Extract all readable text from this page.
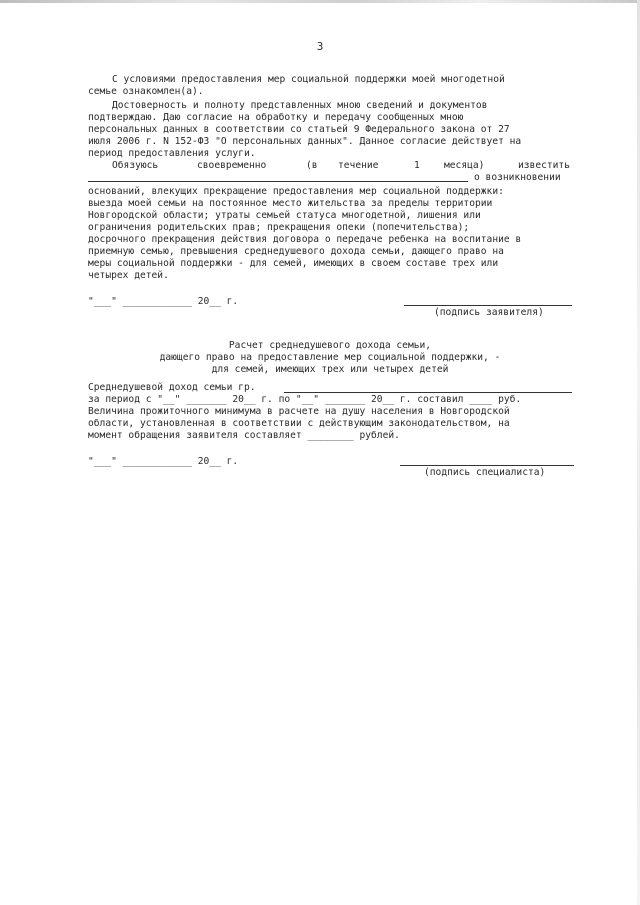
3
С условиями предоставления мер социальной поддержки моей многодетной
семье ознакомлен(а).
Достоверность и полноту представленных мною сведений и документов
подтверждаю. Даю согласие на обработку и передачу сообщенных мною
персональных данных в соответствии со статьей 9 Федерального закона от 27
июля 2006 г. N 152-ФЗ "О персональных данных". Данное согласие действует на
период предоставления услуги.
Обязуюсь	своевременно	(в течение	1	месяца)	известить
о возникновении
оснований, влекущих прекращение предоставления мер социальной поддержки:
выезда моей семьи на постоянное место жительства за пределы территории
Новгородской области; утраты семьей статуса многодетной, лишения или
ограничения родительских прав; прекращения опеки (попечительства);
досрочного прекращения действия договора о передаче ребенка на воспитание в
приемную семью, превышения среднедушевого дохода семьи, дающего право на
меры социальной поддержки - для семей, имеющих в своем составе трех или
четырех детей.
"___" ____________ 20__ г.
(подпись заявителя)
Расчет среднедушевого дохода семьи,
дающего право на предоставление мер социальной поддержки, -
для семей, имеющих трех или четырех детей
Среднедушевой доход семьи гр.
за период с "__" _______ 20__ г. по "__" _______ 20__ г. составил ____ руб.
Величина прожиточного минимума в расчете на душу населения в Новгородской
области, установленная в соответствии с действующим законодательством, на
момент обращения заявителя составляет ________ рублей.
"___" ____________ 20__ г.
(подпись специалиста)
